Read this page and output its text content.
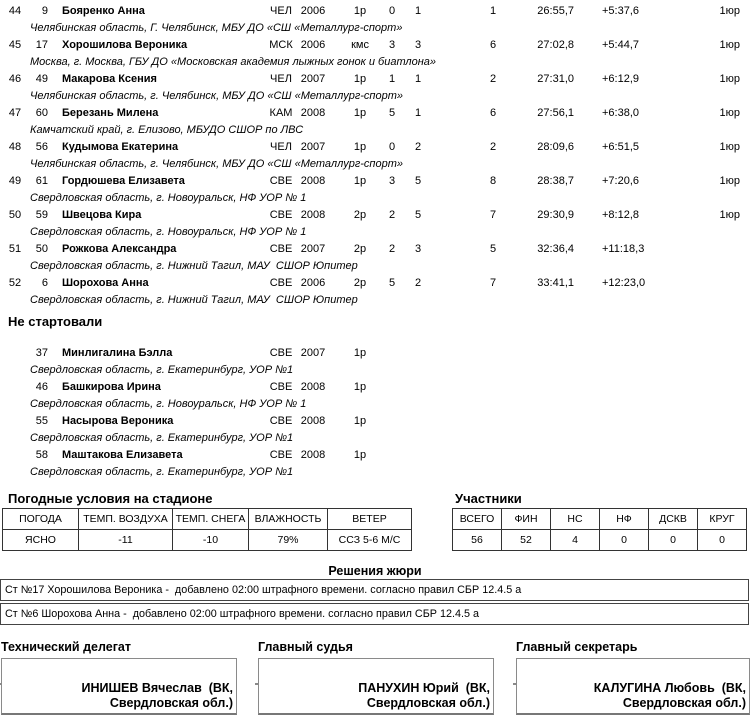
44	9 Бояренко Анна	ЧЕЛ 2006	1р	0	1	1	26:55,7	+5:37,6	1юр
Челябинская область, Г. Челябинск, МБУ ДО «СШ «Металлург-спорт»
45	17 Хорошилова Вероника	МСК 2006	кмс	3	3	6	27:02,8	+5:44,7	1юр
Москва, г. Москва, ГБУ ДО «Московская академия лыжных гонок и биатлона»
46	49 Макарова Ксения	ЧЕЛ 2007	1р	1	1	2	27:31,0	+6:12,9	1юр
Челябинская область, г. Челябинск, МБУ ДО «СШ «Металлург-спорт»
47	60 Березань Милена	КАМ 2008	1р	5	1	6	27:56,1	+6:38,0	1юр
Камчатский край, г. Елизово, МБУДО СШОР по ЛВС
48	56 Кудымова Екатерина	ЧЕЛ 2007	1р	0	2	2	28:09,6	+6:51,5	1юр
Челябинская область, г. Челябинск, МБУ ДО «СШ «Металлург-спорт»
49	61 Гордюшева Елизавета	СВЕ 2008	1р	3	5	8	28:38,7	+7:20,6	1юр
Свердловская область, г. Новоуральск, НФ УОР № 1
50	59 Швецова Кира	СВЕ 2008	2р	2	5	7	29:30,9	+8:12,8	1юр
Свердловская область, г. Новоуральск, НФ УОР № 1
51	50 Рожкова Александра	СВЕ 2007	2р	2	3	5	32:36,4	+11:18,3
Свердловская область, г. Нижний Тагил, МАУ  СШОР Юпитер
52	6 Шорохова Анна	СВЕ 2006	2р	5	2	7	33:41,1	+12:23,0
Свердловская область, г. Нижний Тагил, МАУ  СШОР Юпитер
Не стартовали
37 Минлигалина Бэлла	СВЕ 2007	1р
Свердловская область, г. Екатеринбург, УОР №1
46 Башкирова Ирина	СВЕ 2008	1р
Свердловская область, г. Новоуральск, НФ УОР № 1
55 Насырова Вероника	СВЕ 2008	1р
Свердловская область, г. Екатеринбург, УОР №1
58 Маштакова Елизавета	СВЕ 2008	1р
Свердловская область, г. Екатеринбург, УОР №1
Погодные условия на стадионе
ПОГОДА	ТЕМП. ВОЗДУХА	ТЕМП. СНЕГА	ВЛАЖНОСТЬ	ВЕТЕР
ЯСНО	-11	-10	79%	ССЗ 5-6 М/С
Участники
ВСЕГО	ФИН	НС	НФ	ДСКВ	КРУГ
56	52	4	0	0	0
Решения жюри
Ст №17 Хорошилова Вероника -  добавлено 02:00 штрафного времени. согласно правил СБР 12.4.5 а
Ст №6 Шорохова Анна -  добавлено 02:00 штрафного времени. согласно правил СБР 12.4.5 а
Технический делегат	Главный судья	Главный секретарь
ИНИШЕВ Вячеслав  (ВК,
Свердловская обл.)
ПАНУХИН Юрий  (ВК,
Свердловская обл.)
КАЛУГИНА Любовь  (ВК,
Свердловская обл.)
